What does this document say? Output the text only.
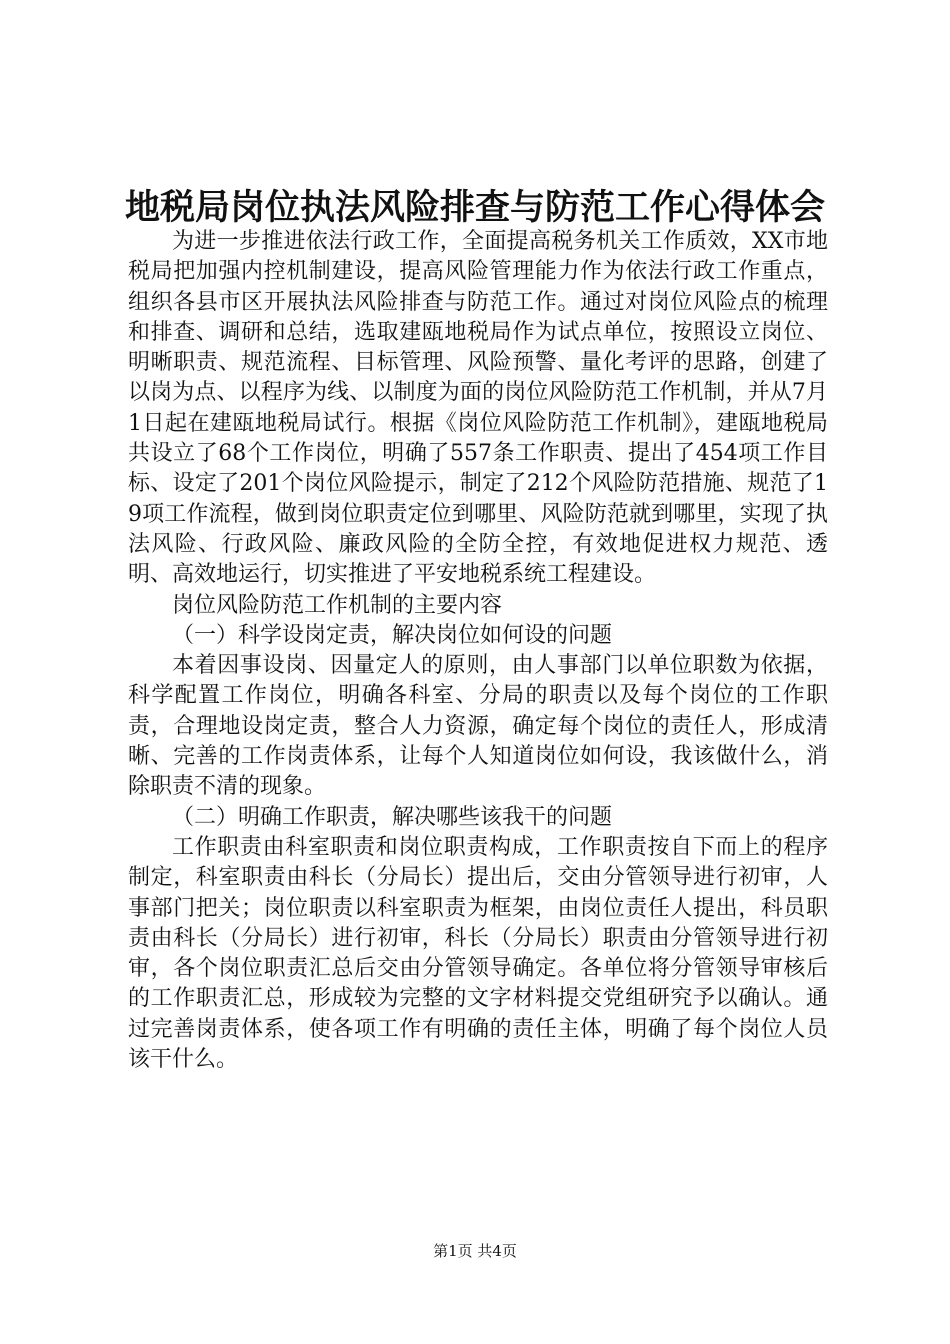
地税局岗位执法风险排查与防范工作心得体会

为进一步推进依法行政工作，全面提高税务机关工作质效，XX市地税局把加强内控机制建设，提高风险管理能力作为依法行政工作重点，组织各县市区开展执法风险排查与防范工作。通过对岗位风险点的梳理和排查、调研和总结，选取建瓯地税局作为试点单位，按照设立岗位、明晰职责、规范流程、目标管理、风险预警、量化考评的思路，创建了以岗为点、以程序为线、以制度为面的岗位风险防范工作机制，并从7月1日起在建瓯地税局试行。根据《岗位风险防范工作机制》，建瓯地税局共设立了68个工作岗位，明确了557条工作职责、提出了454项工作目标、设定了201个岗位风险提示，制定了212个风险防范措施、规范了19项工作流程，做到岗位职责定位到哪里、风险防范就到哪里，实现了执法风险、行政风险、廉政风险的全防全控，有效地促进权力规范、透明、高效地运行，切实推进了平安地税系统工程建设。

岗位风险防范工作机制的主要内容

（一）科学设岗定责，解决岗位如何设的问题

本着因事设岗、因量定人的原则，由人事部门以单位职数为依据，科学配置工作岗位，明确各科室、分局的职责以及每个岗位的工作职责，合理地设岗定责，整合人力资源，确定每个岗位的责任人，形成清晰、完善的工作岗责体系，让每个人知道岗位如何设，我该做什么，消除职责不清的现象。

（二）明确工作职责，解决哪些该我干的问题

工作职责由科室职责和岗位职责构成，工作职责按自下而上的程序制定，科室职责由科长（分局长）提出后，交由分管领导进行初审，人事部门把关；岗位职责以科室职责为框架，由岗位责任人提出，科员职责由科长（分局长）进行初审，科长（分局长）职责由分管领导进行初审，各个岗位职责汇总后交由分管领导确定。各单位将分管领导审核后的工作职责汇总，形成较为完整的文字材料提交党组研究予以确认。通过完善岗责体系，使各项工作有明确的责任主体，明确了每个岗位人员该干什么。

第1页 共4页
